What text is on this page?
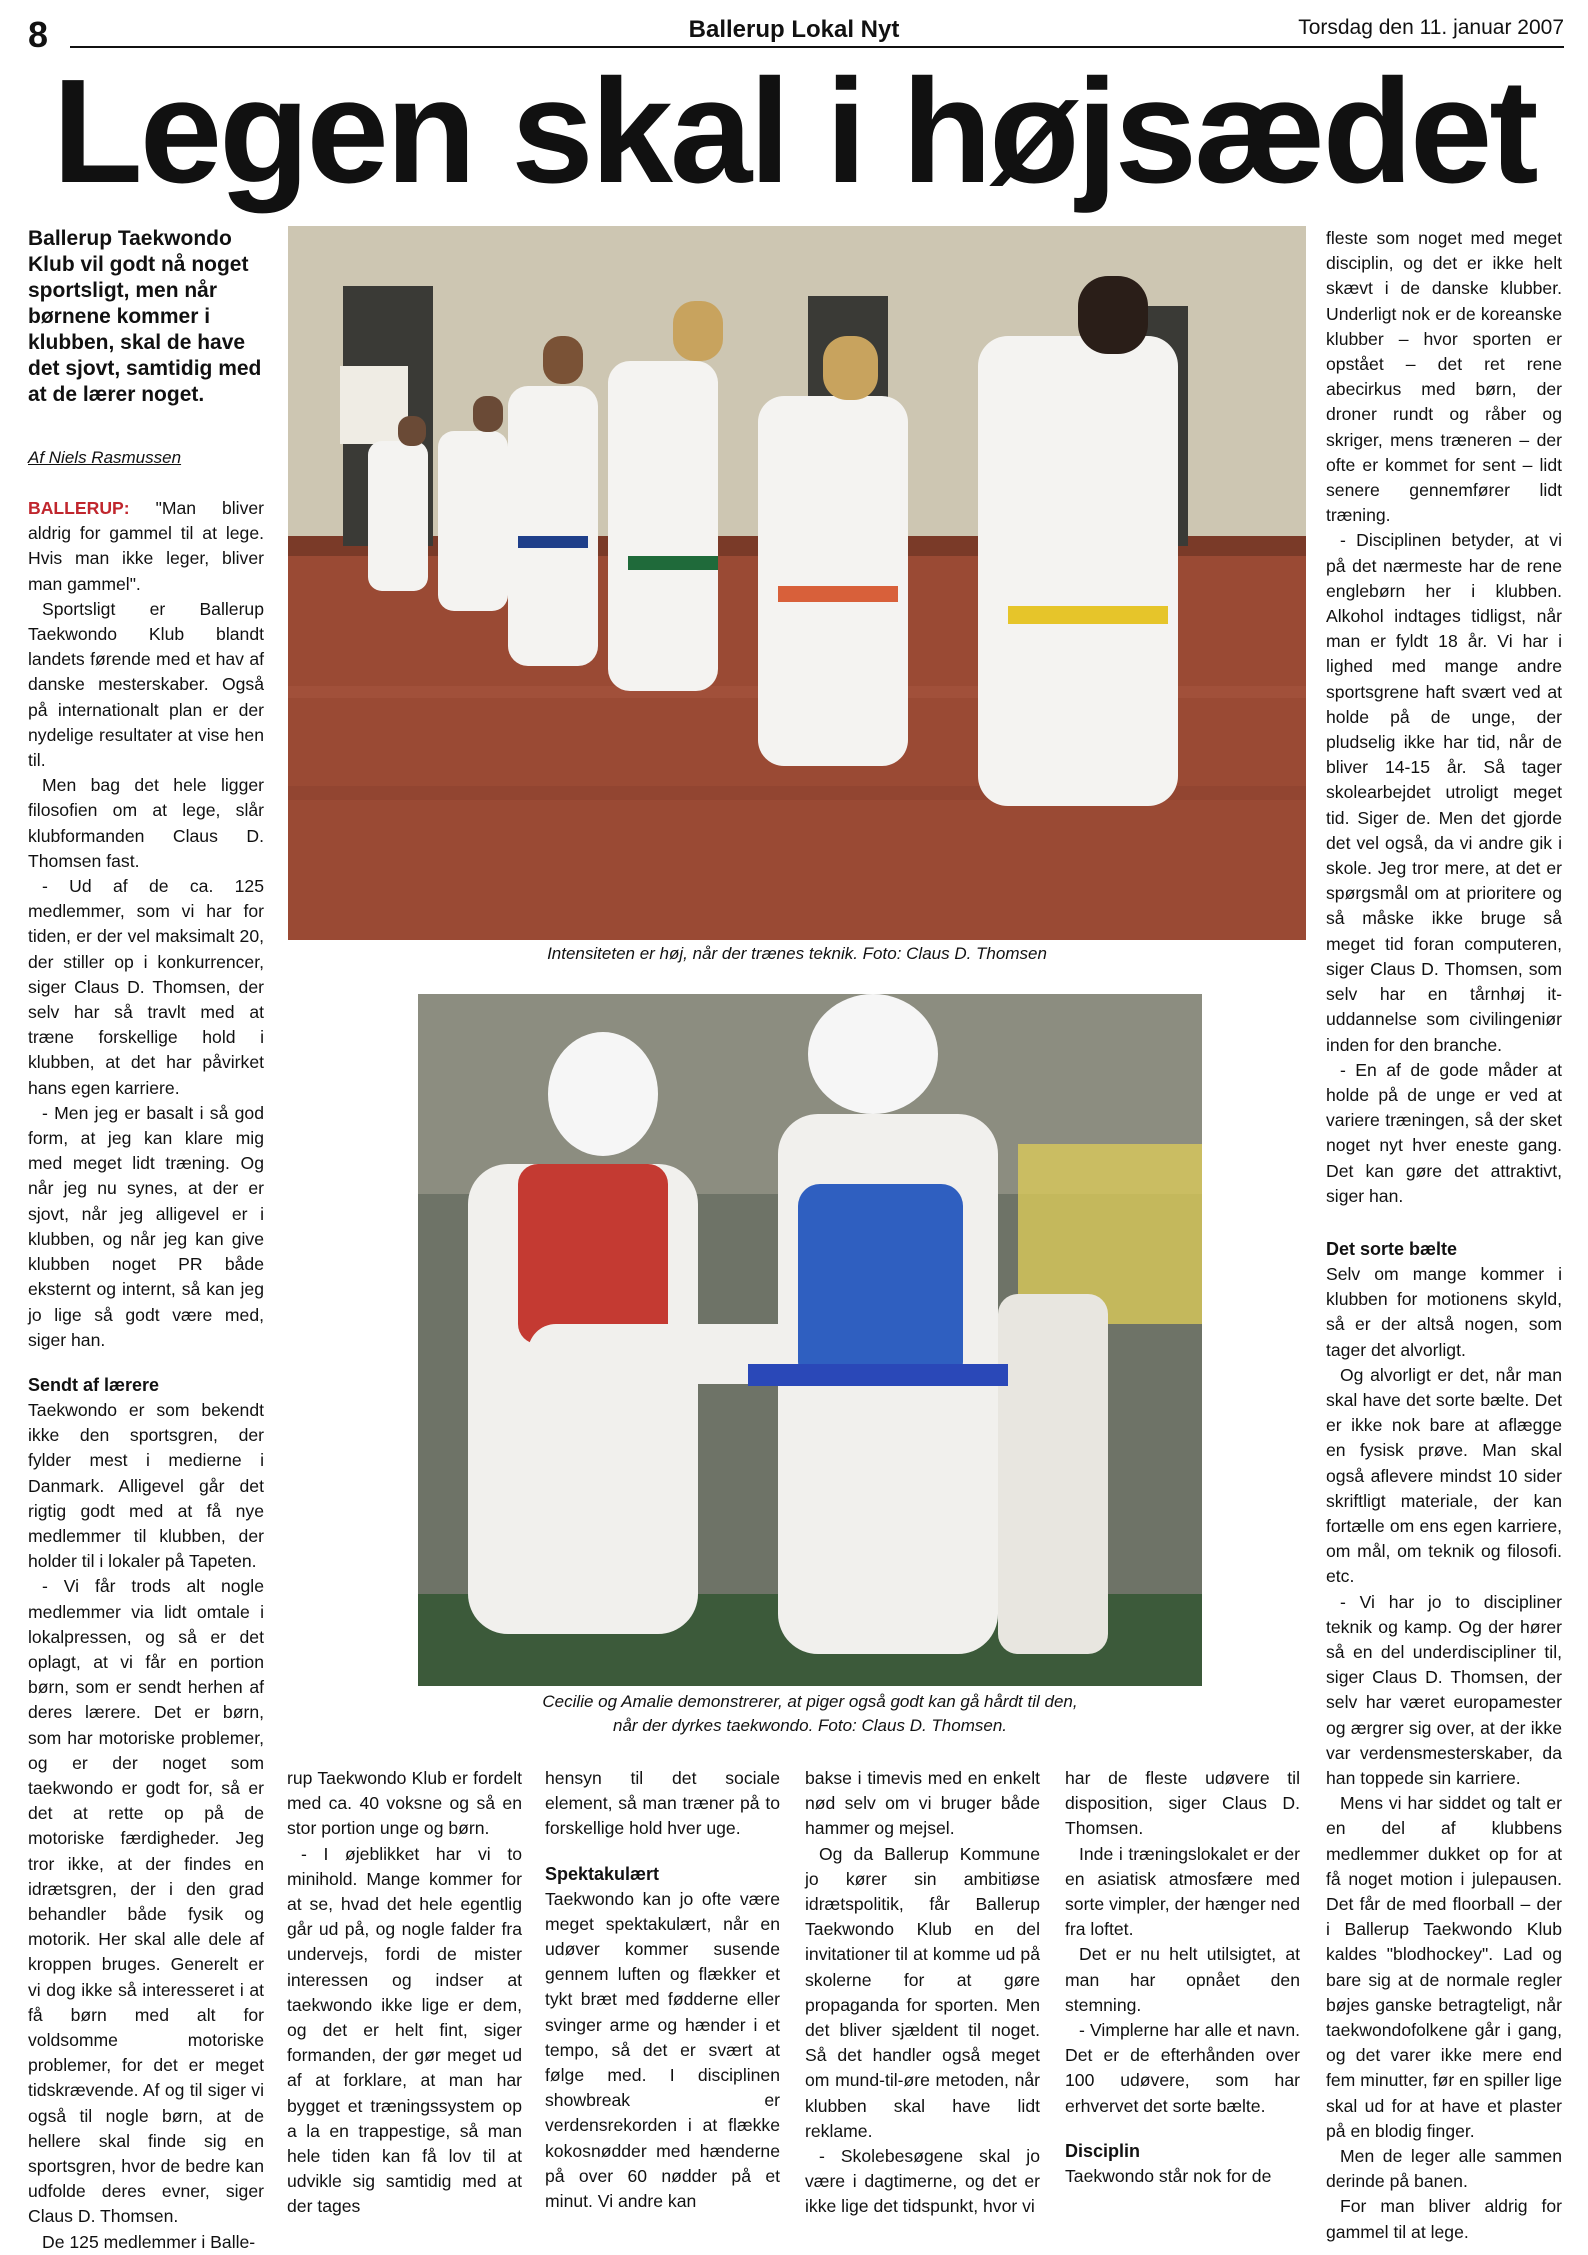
8	Ballerup Lokal Nyt	Torsdag den 11. januar 2007
Legen skal i højsædet
Ballerup Taekwondo Klub vil godt nå noget sportsligt, men når børnene kommer i klubben, skal de have det sjovt, samtidig med at de lærer noget.
Af Niels Rasmussen

BALLERUP: "Man bliver aldrig for gammel til at lege. Hvis man ikke leger, bliver man gammel".

Sportsligt er Ballerup Taekwondo Klub blandt landets førende med et hav af danske mesterskaber. Også på internationalt plan er der nydelige resultater at vise hen til.

Men bag det hele ligger filosofien om at lege, slår klubformanden Claus D. Thomsen fast.

- Ud af de ca. 125 medlemmer, som vi har for tiden, er der vel maksimalt 20, der stiller op i konkurrencer, siger Claus D. Thomsen, der selv har så travlt med at træne forskellige hold i klubben, at det har påvirket hans egen karriere.

- Men jeg er basalt i så god form, at jeg kan klare mig med meget lidt træning. Og når jeg nu synes, at der er sjovt, når jeg alligevel er i klubben, og når jeg kan give klubben noget PR både eksternt og internt, så kan jeg jo lige så godt være med, siger han.

Sendt af lærere

Taekwondo er som bekendt ikke den sportsgren, der fylder mest i medierne i Danmark. Alligevel går det rigtig godt med at få nye medlemmer til klubben, der holder til i lokaler på Tapeten.

- Vi får trods alt nogle medlemmer via lidt omtale i lokalpressen, og så er det oplagt, at vi får en portion børn, som er sendt herhen af deres lærere. Det er børn, som har motoriske problemer, og er der noget som taekwondo er godt for, så er det at rette op på de motoriske færdigheder. Jeg tror ikke, at der findes en idrætsgren, der i den grad behandler både fysik og motorik. Her skal alle dele af kroppen bruges. Generelt er vi dog ikke så interesseret i at få børn med alt for voldsomme motoriske problemer, for det er meget tidskrævende. Af og til siger vi også til nogle børn, at de hellere skal finde sig en sportsgren, hvor de bedre kan udfolde deres evner, siger Claus D. Thomsen.

De 125 medlemmer i Balle-

Intensiteten er høj, når der trænes teknik. Foto: Claus D. Thomsen
Cecilie og Amalie demonstrerer, at piger også godt kan gå hårdt til den,
når der dyrkes taekwondo. Foto: Claus D. Thomsen.

rup Taekwondo Klub er fordelt med ca. 40 voksne og så en stor portion unge og børn.

- I øjeblikket har vi to minihold. Mange kommer for at se, hvad det hele egentlig går ud på, og nogle falder fra undervejs, fordi de mister interessen og indser at taekwondo ikke lige er dem, og det er helt fint, siger formanden, der gør meget ud af at forklare, at man har bygget et træningssystem op a la en trappestige, så man hele tiden kan få lov til at udvikle sig samtidig med at der tages

hensyn til det sociale element, så man træner på to forskellige hold hver uge.

Spektakulært

Taekwondo kan jo ofte være meget spektakulært, når en udøver kommer susende gennem luften og flækker et tykt bræt med fødderne eller svinger arme og hænder i et tempo, så det er svært at følge med. I disciplinen showbreak er verdensrekorden i at flække kokosnødder med hænderne på over 60 nødder på et minut. Vi andre kan

bakse i timevis med en enkelt nød selv om vi bruger både hammer og mejsel.

Og da Ballerup Kommune jo kører sin ambitiøse idrætspolitik, får Ballerup Taekwondo Klub en del invitationer til at komme ud på skolerne for at gøre propaganda for sporten. Men det bliver sjældent til noget. Så det handler også meget om mund-til-øre metoden, når klubben skal have lidt reklame.

- Skolebesøgene skal jo være i dagtimerne, og det er ikke lige det tidspunkt, hvor vi

har de fleste udøvere til disposition, siger Claus D. Thomsen.

Inde i træningslokalet er der en asiatisk atmosfære med sorte vimpler, der hænger ned fra loftet.

Det er nu helt utilsigtet, at man har opnået den stemning.

- Vimplerne har alle et navn. Det er de efterhånden over 100 udøvere, som har erhvervet det sorte bælte.

Disciplin

Taekwondo står nok for de

fleste som noget med meget disciplin, og det er ikke helt skævt i de danske klubber. Underligt nok er de koreanske klubber – hvor sporten er opstået – det ret rene abecirkus med børn, der droner rundt og råber og skriger, mens træneren – der ofte er kommet for sent – lidt senere gennemfører lidt træning.

- Disciplinen betyder, at vi på det nærmeste har de rene englebørn her i klubben. Alkohol indtages tidligst, når man er fyldt 18 år. Vi har i lighed med mange andre sportsgrene haft svært ved at holde på de unge, der pludselig ikke har tid, når de bliver 14-15 år. Så tager skolearbejdet utroligt meget tid. Siger de. Men det gjorde det vel også, da vi andre gik i skole. Jeg tror mere, at det er spørgsmål om at prioritere og så måske ikke bruge så meget tid foran computeren, siger Claus D. Thomsen, som selv har en tårnhøj it-uddannelse som civilingeniør inden for den branche.

- En af de gode måder at holde på de unge er ved at variere træningen, så der sket noget nyt hver eneste gang. Det kan gøre det attraktivt, siger han.

Det sorte bælte

Selv om mange kommer i klubben for motionens skyld, så er der altså nogen, som tager det alvorligt.

Og alvorligt er det, når man skal have det sorte bælte. Det er ikke nok bare at aflægge en fysisk prøve. Man skal også aflevere mindst 10 sider skriftligt materiale, der kan fortælle om ens egen karriere, om mål, om teknik og filosofi. etc.

- Vi har jo to discipliner teknik og kamp. Og der hører så en del underdiscipliner til, siger Claus D. Thomsen, der selv har været europamester og ærgrer sig over, at der ikke var verdensmesterskaber, da han toppede sin karriere.

Mens vi har siddet og talt er en del af klubbens medlemmer dukket op for at få noget motion i julepausen. Det får de med floorball – der i Ballerup Taekwondo Klub kaldes "blodhockey". Lad og bare sig at de normale regler bøjes ganske betragteligt, når taekwondofolkene går i gang, og det varer ikke mere end fem minutter, før en spiller lige skal ud for at have et plaster på en blodig finger.

Men de leger alle sammen derinde på banen.

For man bliver aldrig for gammel til at lege.
